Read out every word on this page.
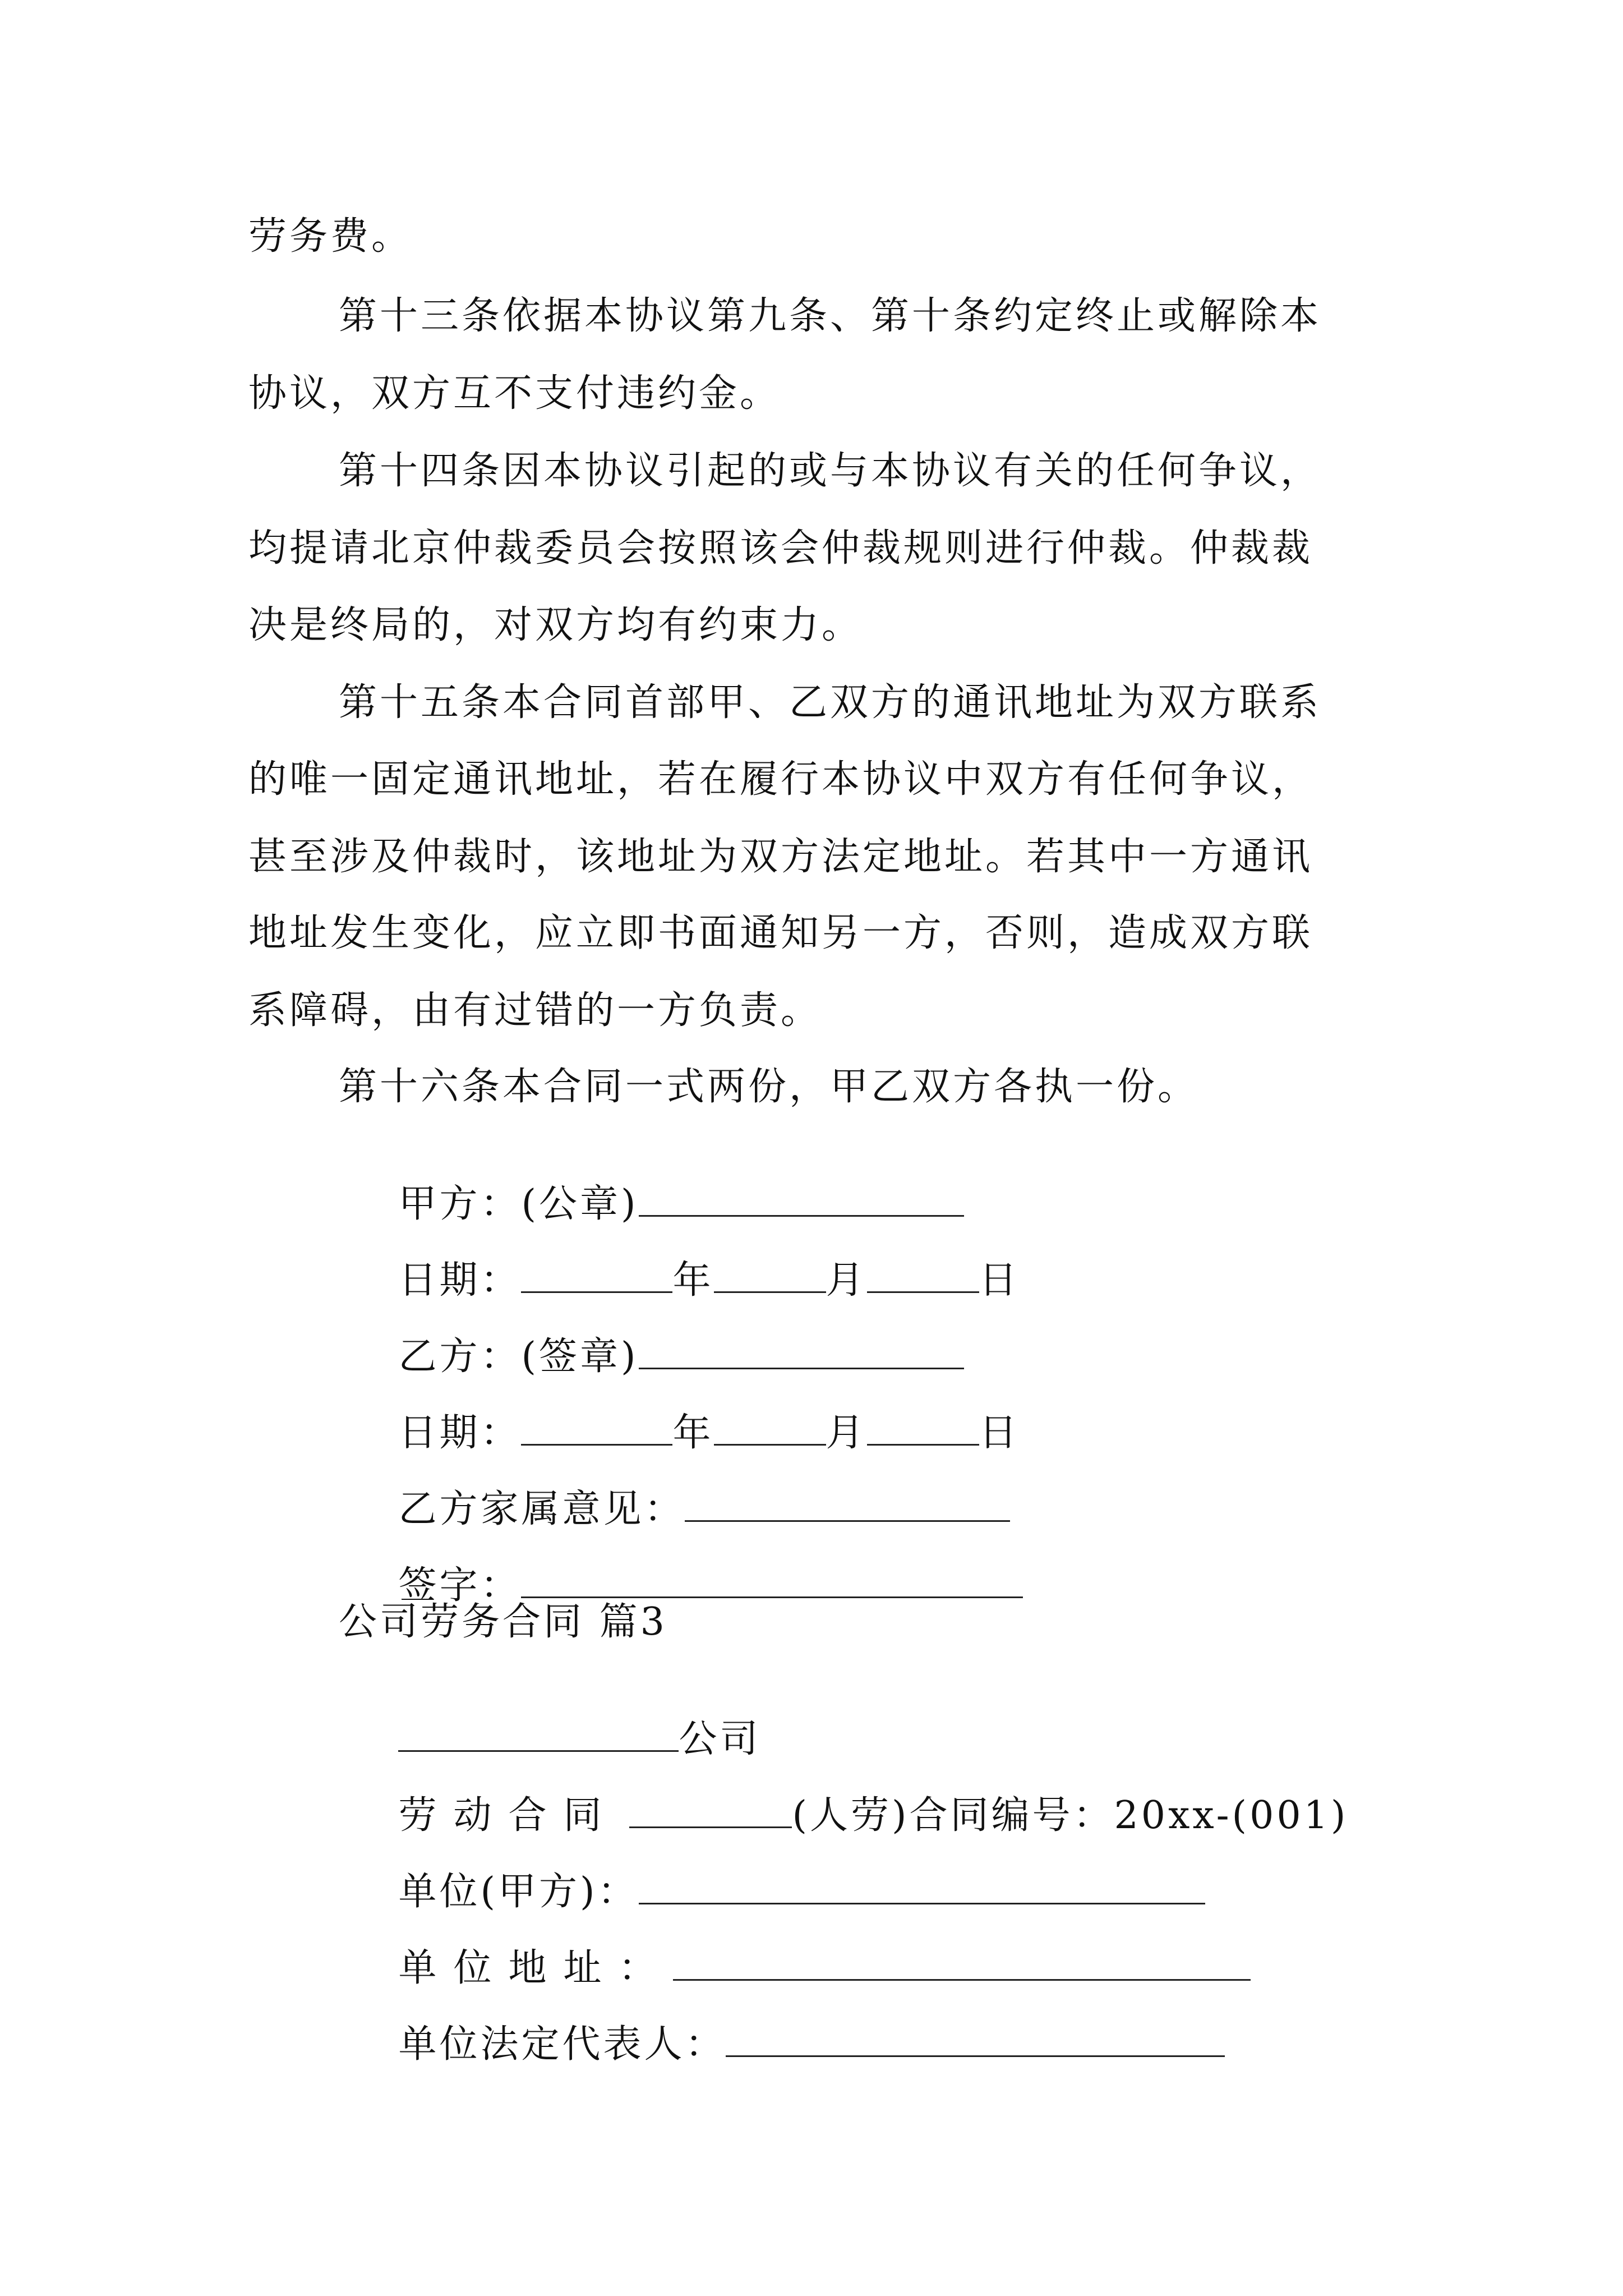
劳务费。
第十三条依据本协议第九条、第十条约定终止或解除本
协议，双方互不支付违约金。
第十四条因本协议引起的或与本协议有关的任何争议，
均提请北京仲裁委员会按照该会仲裁规则进行仲裁。仲裁裁
决是终局的，对双方均有约束力。
第十五条本合同首部甲、乙双方的通讯地址为双方联系
的唯一固定通讯地址，若在履行本协议中双方有任何争议，
甚至涉及仲裁时，该地址为双方法定地址。若其中一方通讯
地址发生变化，应立即书面通知另一方，否则，造成双方联
系障碍，由有过错的一方负责。
第十六条本合同一式两份，甲乙双方各执一份。

甲方：(公章)

日期：	年	月	日

乙方：(签章)

日期：	年	月	日

乙方家属意见：

签字：

公司劳务合同 篇3

公司

劳动合同	(人劳)合同编号：20xx-(001)

单位(甲方)：

单位地址：

单位法定代表人：
